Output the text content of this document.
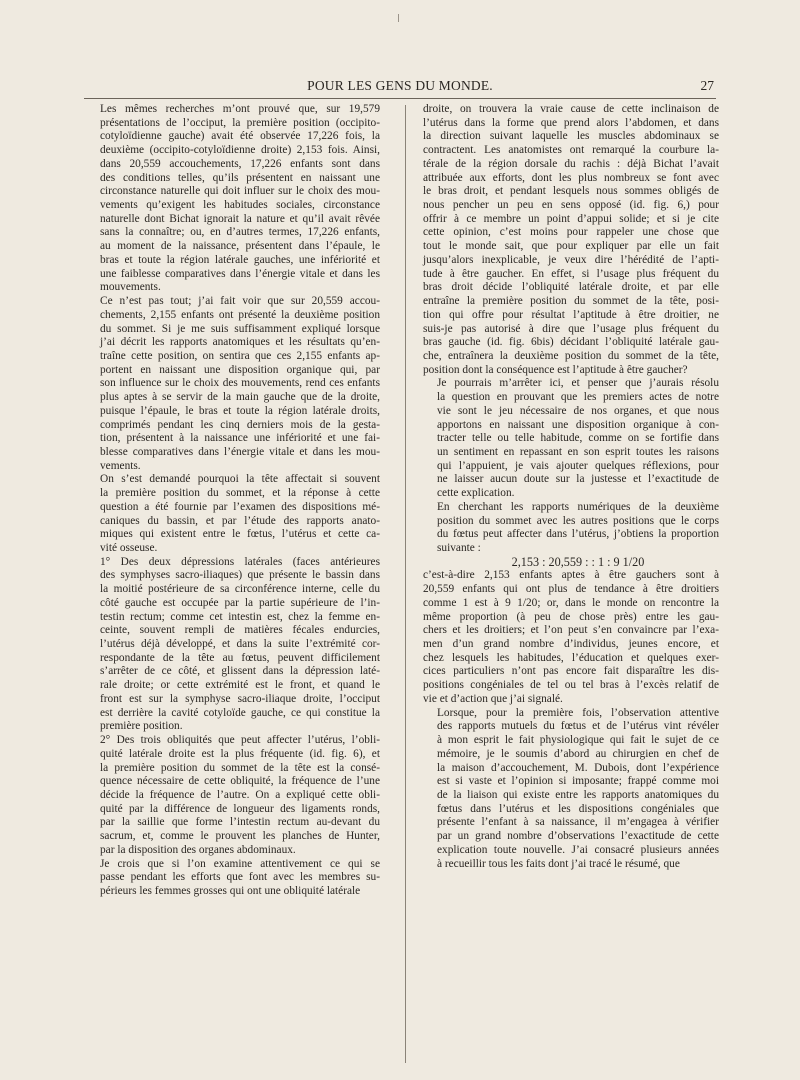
POUR LES GENS DU MONDE.	27

Les mêmes recherches m’ont prouvé que, sur 19,579
présentations de l’occiput, la première position (occipito-
cotyloïdienne gauche) avait été observée 17,226 fois, la
deuxième (occipito-cotyloïdienne droite) 2,153 fois. Ainsi,
dans 20,559 accouchements, 17,226 enfants sont dans
des conditions telles, qu’ils présentent en naissant une
circonstance naturelle qui doit influer sur le choix des mou-
vements qu’exigent les habitudes sociales, circonstance
naturelle dont Bichat ignorait la nature et qu’il avait rêvée
sans la connaître; ou, en d’autres termes, 17,226 enfants,
au moment de la naissance, présentent dans l’épaule, le
bras et toute la région latérale gauches, une infériorité et
une faiblesse comparatives dans l’énergie vitale et dans les
mouvements.

Ce n’est pas tout; j’ai fait voir que sur 20,559 accou-
chements, 2,155 enfants ont présenté la deuxième position
du sommet. Si je me suis suffisamment expliqué lorsque
j’ai décrit les rapports anatomiques et les résultats qu’en-
traîne cette position, on sentira que ces 2,155 enfants ap-
portent en naissant une disposition organique qui, par
son influence sur le choix des mouvements, rend ces enfants
plus aptes à se servir de la main gauche que de la droite,
puisque l’épaule, le bras et toute la région latérale droits,
comprimés pendant les cinq derniers mois de la gesta-
tion, présentent à la naissance une infériorité et une fai-
blesse comparatives dans l’énergie vitale et dans les mou-
vements.

On s’est demandé pourquoi la tête affectait si souvent
la première position du sommet, et la réponse à cette
question a été fournie par l’examen des dispositions mé-
caniques du bassin, et par l’étude des rapports anato-
miques qui existent entre le fœtus, l’utérus et cette ca-
vité osseuse.

1° Des deux dépressions latérales (faces antérieures
des symphyses sacro-iliaques) que présente le bassin dans
la moitié postérieure de sa circonférence interne, celle du
côté gauche est occupée par la partie supérieure de l’in-
testin rectum; comme cet intestin est, chez la femme en-
ceinte, souvent rempli de matières fécales endurcies,
l’utérus déjà développé, et dans la suite l’extrémité cor-
respondante de la tête au fœtus, peuvent difficilement
s’arrêter de ce côté, et glissent dans la dépression laté-
rale droite; or cette extrémité est le front, et quand le
front est sur la symphyse sacro-iliaque droite, l’occiput
est derrière la cavité cotyloïde gauche, ce qui constitue la
première position.

2° Des trois obliquités que peut affecter l’utérus, l’obli-
quité latérale droite est la plus fréquente (id. fig. 6), et
la première position du sommet de la tête est la consé-
quence nécessaire de cette obliquité, la fréquence de l’une
décide la fréquence de l’autre. On a expliqué cette obli-
quité par la différence de longueur des ligaments ronds,
par la saillie que forme l’intestin rectum au-devant du
sacrum, et, comme le prouvent les planches de Hunter,
par la disposition des organes abdominaux.

Je crois que si l’on examine attentivement ce qui se
passe pendant les efforts que font avec les membres su-
périeurs les femmes grosses qui ont une obliquité latérale

droite, on trouvera la vraie cause de cette inclinaison de
l’utérus dans la forme que prend alors l’abdomen, et dans
la direction suivant laquelle les muscles abdominaux se
contractent. Les anatomistes ont remarqué la courbure la-
térale de la région dorsale du rachis : déjà Bichat l’avait
attribuée aux efforts, dont les plus nombreux se font avec
le bras droit, et pendant lesquels nous sommes obligés de
nous pencher un peu en sens opposé (id. fig. 6,) pour
offrir à ce membre un point d’appui solide; et si je cite
cette opinion, c’est moins pour rappeler une chose que
tout le monde sait, que pour expliquer par elle un fait
jusqu’alors inexplicable, je veux dire l’hérédité de l’apti-
tude à être gaucher. En effet, si l’usage plus fréquent du
bras droit décide l’obliquité latérale droite, et par elle
entraîne la première position du sommet de la tête, posi-
tion qui offre pour résultat l’aptitude à être droitier, ne
suis-je pas autorisé à dire que l’usage plus fréquent du
bras gauche (id. fig. 6bis) décidant l’obliquité latérale gau-
che, entraînera la deuxième position du sommet de la tête,
position dont la conséquence est l’aptitude à être gaucher?

Je pourrais m’arrêter ici, et penser que j’aurais résolu
la question en prouvant que les premiers actes de notre
vie sont le jeu nécessaire de nos organes, et que nous
apportons en naissant une disposition organique à con-
tracter telle ou telle habitude, comme on se fortifie dans
un sentiment en repassant en son esprit toutes les raisons
qui l’appuient, je vais ajouter quelques réflexions, pour
ne laisser aucun doute sur la justesse et l’exactitude de
cette explication.

En cherchant les rapports numériques de la deuxième
position du sommet avec les autres positions que le corps
du fœtus peut affecter dans l’utérus, j’obtiens la proportion
suivante :

2,153 : 20,559 : : 1 : 9 1/20

c’est-à-dire 2,153 enfants aptes à être gauchers sont à
20,559 enfants qui ont plus de tendance à être droitiers
comme 1 est à 9 1/20; or, dans le monde on rencontre la
même proportion (à peu de chose près) entre les gau-
chers et les droitiers; et l’on peut s’en convaincre par l’exa-
men d’un grand nombre d’individus, jeunes encore, et
chez lesquels les habitudes, l’éducation et quelques exer-
cices particuliers n’ont pas encore fait disparaître les dis-
positions congéniales de tel ou tel bras à l’excès relatif de
vie et d’action que j’ai signalé.

Lorsque, pour la première fois, l’observation attentive
des rapports mutuels du fœtus et de l’utérus vint révéler
à mon esprit le fait physiologique qui fait le sujet de ce
mémoire, je le soumis d’abord au chirurgien en chef de
la maison d’accouchement, M. Dubois, dont l’expérience
est si vaste et l’opinion si imposante; frappé comme moi
de la liaison qui existe entre les rapports anatomiques du
fœtus dans l’utérus et les dispositions congéniales que
présente l’enfant à sa naissance, il m’engagea à vérifier
par un grand nombre d’observations l’exactitude de cette
explication toute nouvelle. J’ai consacré plusieurs années
à recueillir tous les faits dont j’ai tracé le résumé, que
